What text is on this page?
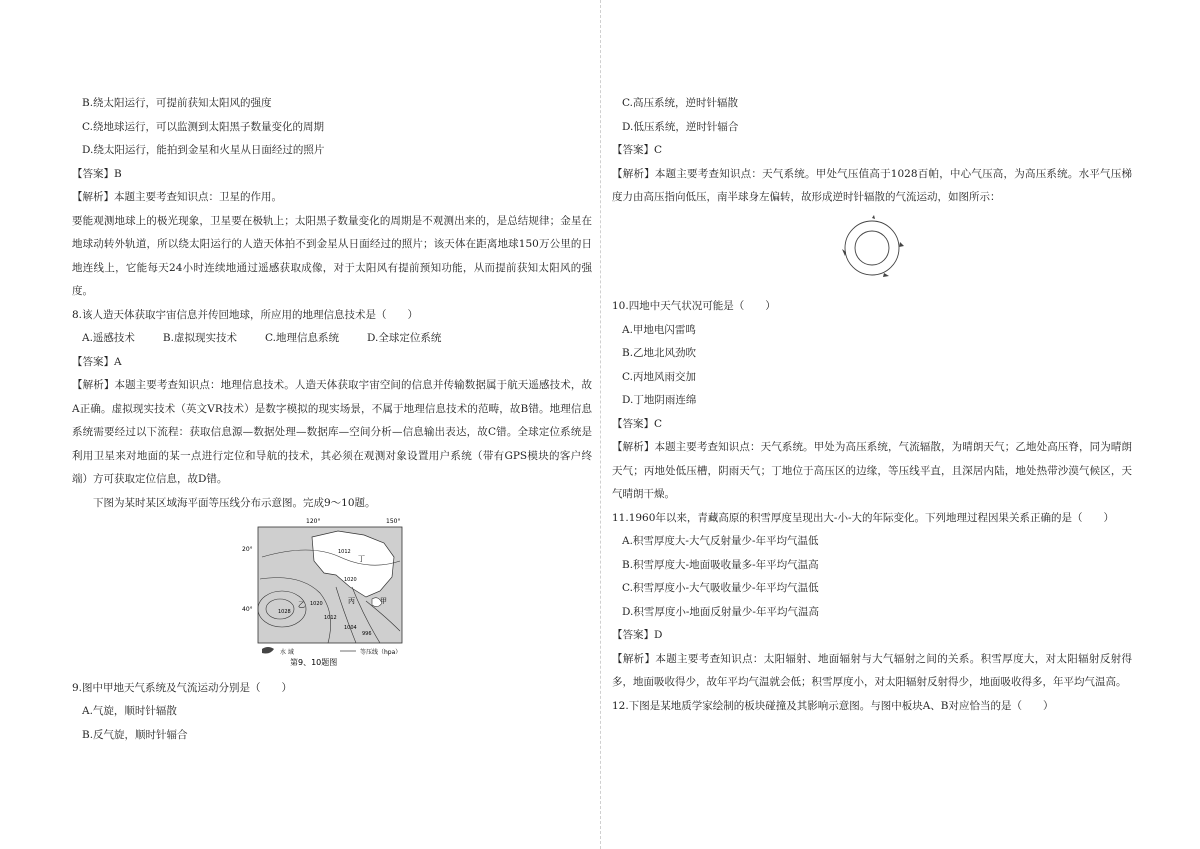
B.绕太阳运行，可提前获知太阳风的强度

C.绕地球运行，可以监测到太阳黑子数量变化的周期

D.绕太阳运行，能拍到金星和火星从日面经过的照片

【答案】B

【解析】本题主要考查知识点：卫星的作用。

要能观测地球上的极光现象，卫星要在极轨上；太阳黑子数量变化的周期是不观测出来的，是总结规律；金星在地球动转外轨道，所以绕太阳运行的人造天体拍不到金星从日面经过的照片；该天体在距离地球150万公里的日地连线上，它能每天24小时连续地通过遥感获取成像，对于太阳风有提前预知功能，从而提前获知太阳风的强度。

8.该人造天体获取宇宙信息并传回地球，所应用的地理信息技术是（　　）

A.遥感技术	B.虚拟现实技术	C.地理信息系统	D.全球定位系统

【答案】A

【解析】本题主要考查知识点：地理信息技术。人造天体获取宇宙空间的信息并传输数据属于航天遥感技术，故A正确。虚拟现实技术（英文VR技术）是数字模拟的现实场景，不属于地理信息技术的范畴，故B错。地理信息系统需要经过以下流程：获取信息源—数据处理—数据库—空间分析—信息输出表达，故C错。全球定位系统是利用卫星来对地面的某一点进行定位和导航的技术，其必须在观测对象设置用户系统（带有GPS模块的客户终端）方可获取定位信息，故D错。

下图为某时某区域海平面等压线分布示意图。完成9～10题。

120°	150°
20°
40°
1012
1020
1028
1020
1012
1004
996
甲
乙	丙
丁
水 域	等压线（hpa）
第9、10题图

9.图中甲地天气系统及气流运动分别是（　　）

A.气旋，顺时针辐散

B.反气旋，顺时针辐合

C.高压系统，逆时针辐散

D.低压系统，逆时针辐合

【答案】C

【解析】本题主要考查知识点：天气系统。甲处气压值高于1028百帕，中心气压高，为高压系统。水平气压梯度力由高压指向低压，南半球身左偏转，故形成逆时针辐散的气流运动，如图所示：

10.四地中天气状况可能是（　　）

A.甲地电闪雷鸣

B.乙地北风劲吹

C.丙地风雨交加

D.丁地阴雨连绵

【答案】C

【解析】本题主要考查知识点：天气系统。甲处为高压系统，气流辐散，为晴朗天气；乙地处高压脊，同为晴朗天气；丙地处低压槽，阴雨天气；丁地位于高压区的边缘，等压线平直，且深居内陆，地处热带沙漠气候区，天气晴朗干燥。

11.1960年以来，青藏高原的积雪厚度呈现出大-小-大的年际变化。下列地理过程因果关系正确的是（　　）

A.积雪厚度大-大气反射量少-年平均气温低

B.积雪厚度大-地面吸收量多-年平均气温高

C.积雪厚度小-大气吸收量少-年平均气温低

D.积雪厚度小-地面反射量少-年平均气温高

【答案】D

【解析】本题主要考查知识点：太阳辐射、地面辐射与大气辐射之间的关系。积雪厚度大，对太阳辐射反射得多，地面吸收得少，故年平均气温就会低；积雪厚度小，对太阳辐射反射得少，地面吸收得多，年平均气温高。

12.下图是某地质学家绘制的板块碰撞及其影响示意图。与图中板块A、B对应恰当的是（　　）
